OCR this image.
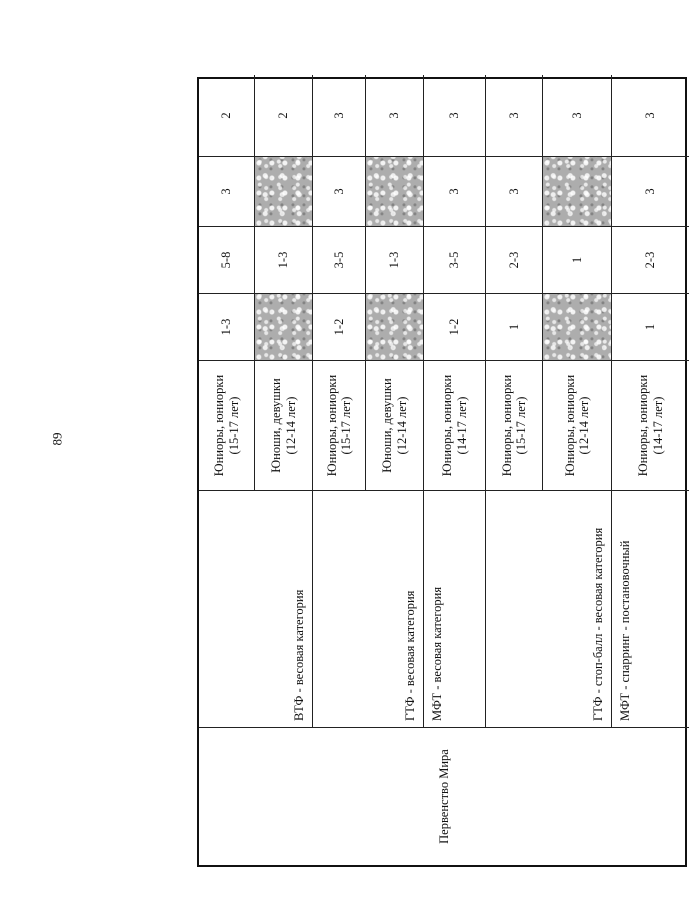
89
Первенство Мира
ВТФ - весовая категория
Юниоры, юниорки (15-17 лет)
1-3
5-8
3
2
Юноши, девушки (12-14 лет)
1-3
2
ГТФ - весовая категория
Юниоры, юниорки (15-17 лет)
1-2
3-5
3
3
Юноши, девушки (12-14 лет)
1-3
3
МФТ - весовая категория
Юниоры, юниорки (14-17 лет)
1-2
3-5
3
3
ГТФ - стоп-балл - весовая категория
Юниоры, юниорки (15-17 лет)
1
2-3
3
3
Юниоры, юниорки (12-14 лет)
1
3
МФТ - спарринг - постановочный
Юниоры, юниорки (14-17 лет)
1
2-3
3
3
